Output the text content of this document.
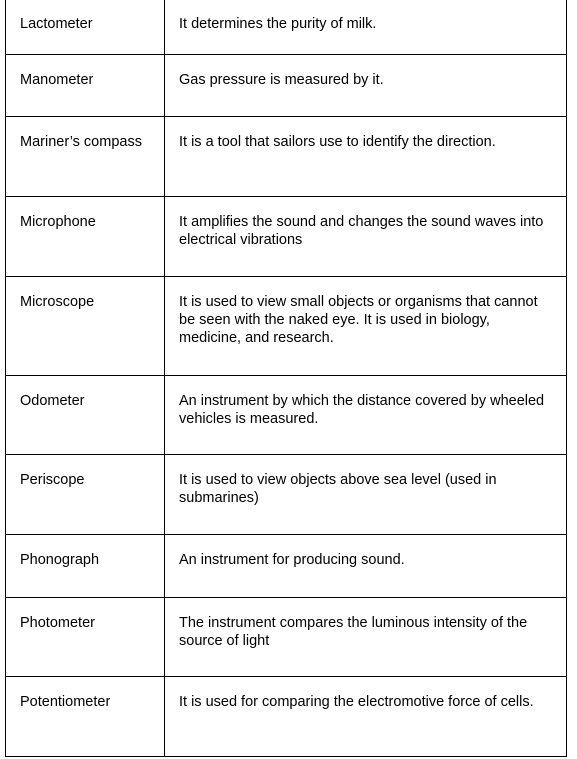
Lactometer	It determines the purity of milk.
Manometer	Gas pressure is measured by it.
Mariner’s compass	It is a tool that sailors use to identify the direction.
Microphone	It amplifies the sound and changes the sound waves into electrical vibrations
Microscope	It is used to view small objects or organisms that cannot be seen with the naked eye. It is used in biology, medicine, and research.
Odometer	An instrument by which the distance covered by wheeled vehicles is measured.
Periscope	It is used to view objects above sea level (used in submarines)
Phonograph	An instrument for producing sound.
Photometer	The instrument compares the luminous intensity of the source of light
Potentiometer	It is used for comparing the electromotive force of cells.
